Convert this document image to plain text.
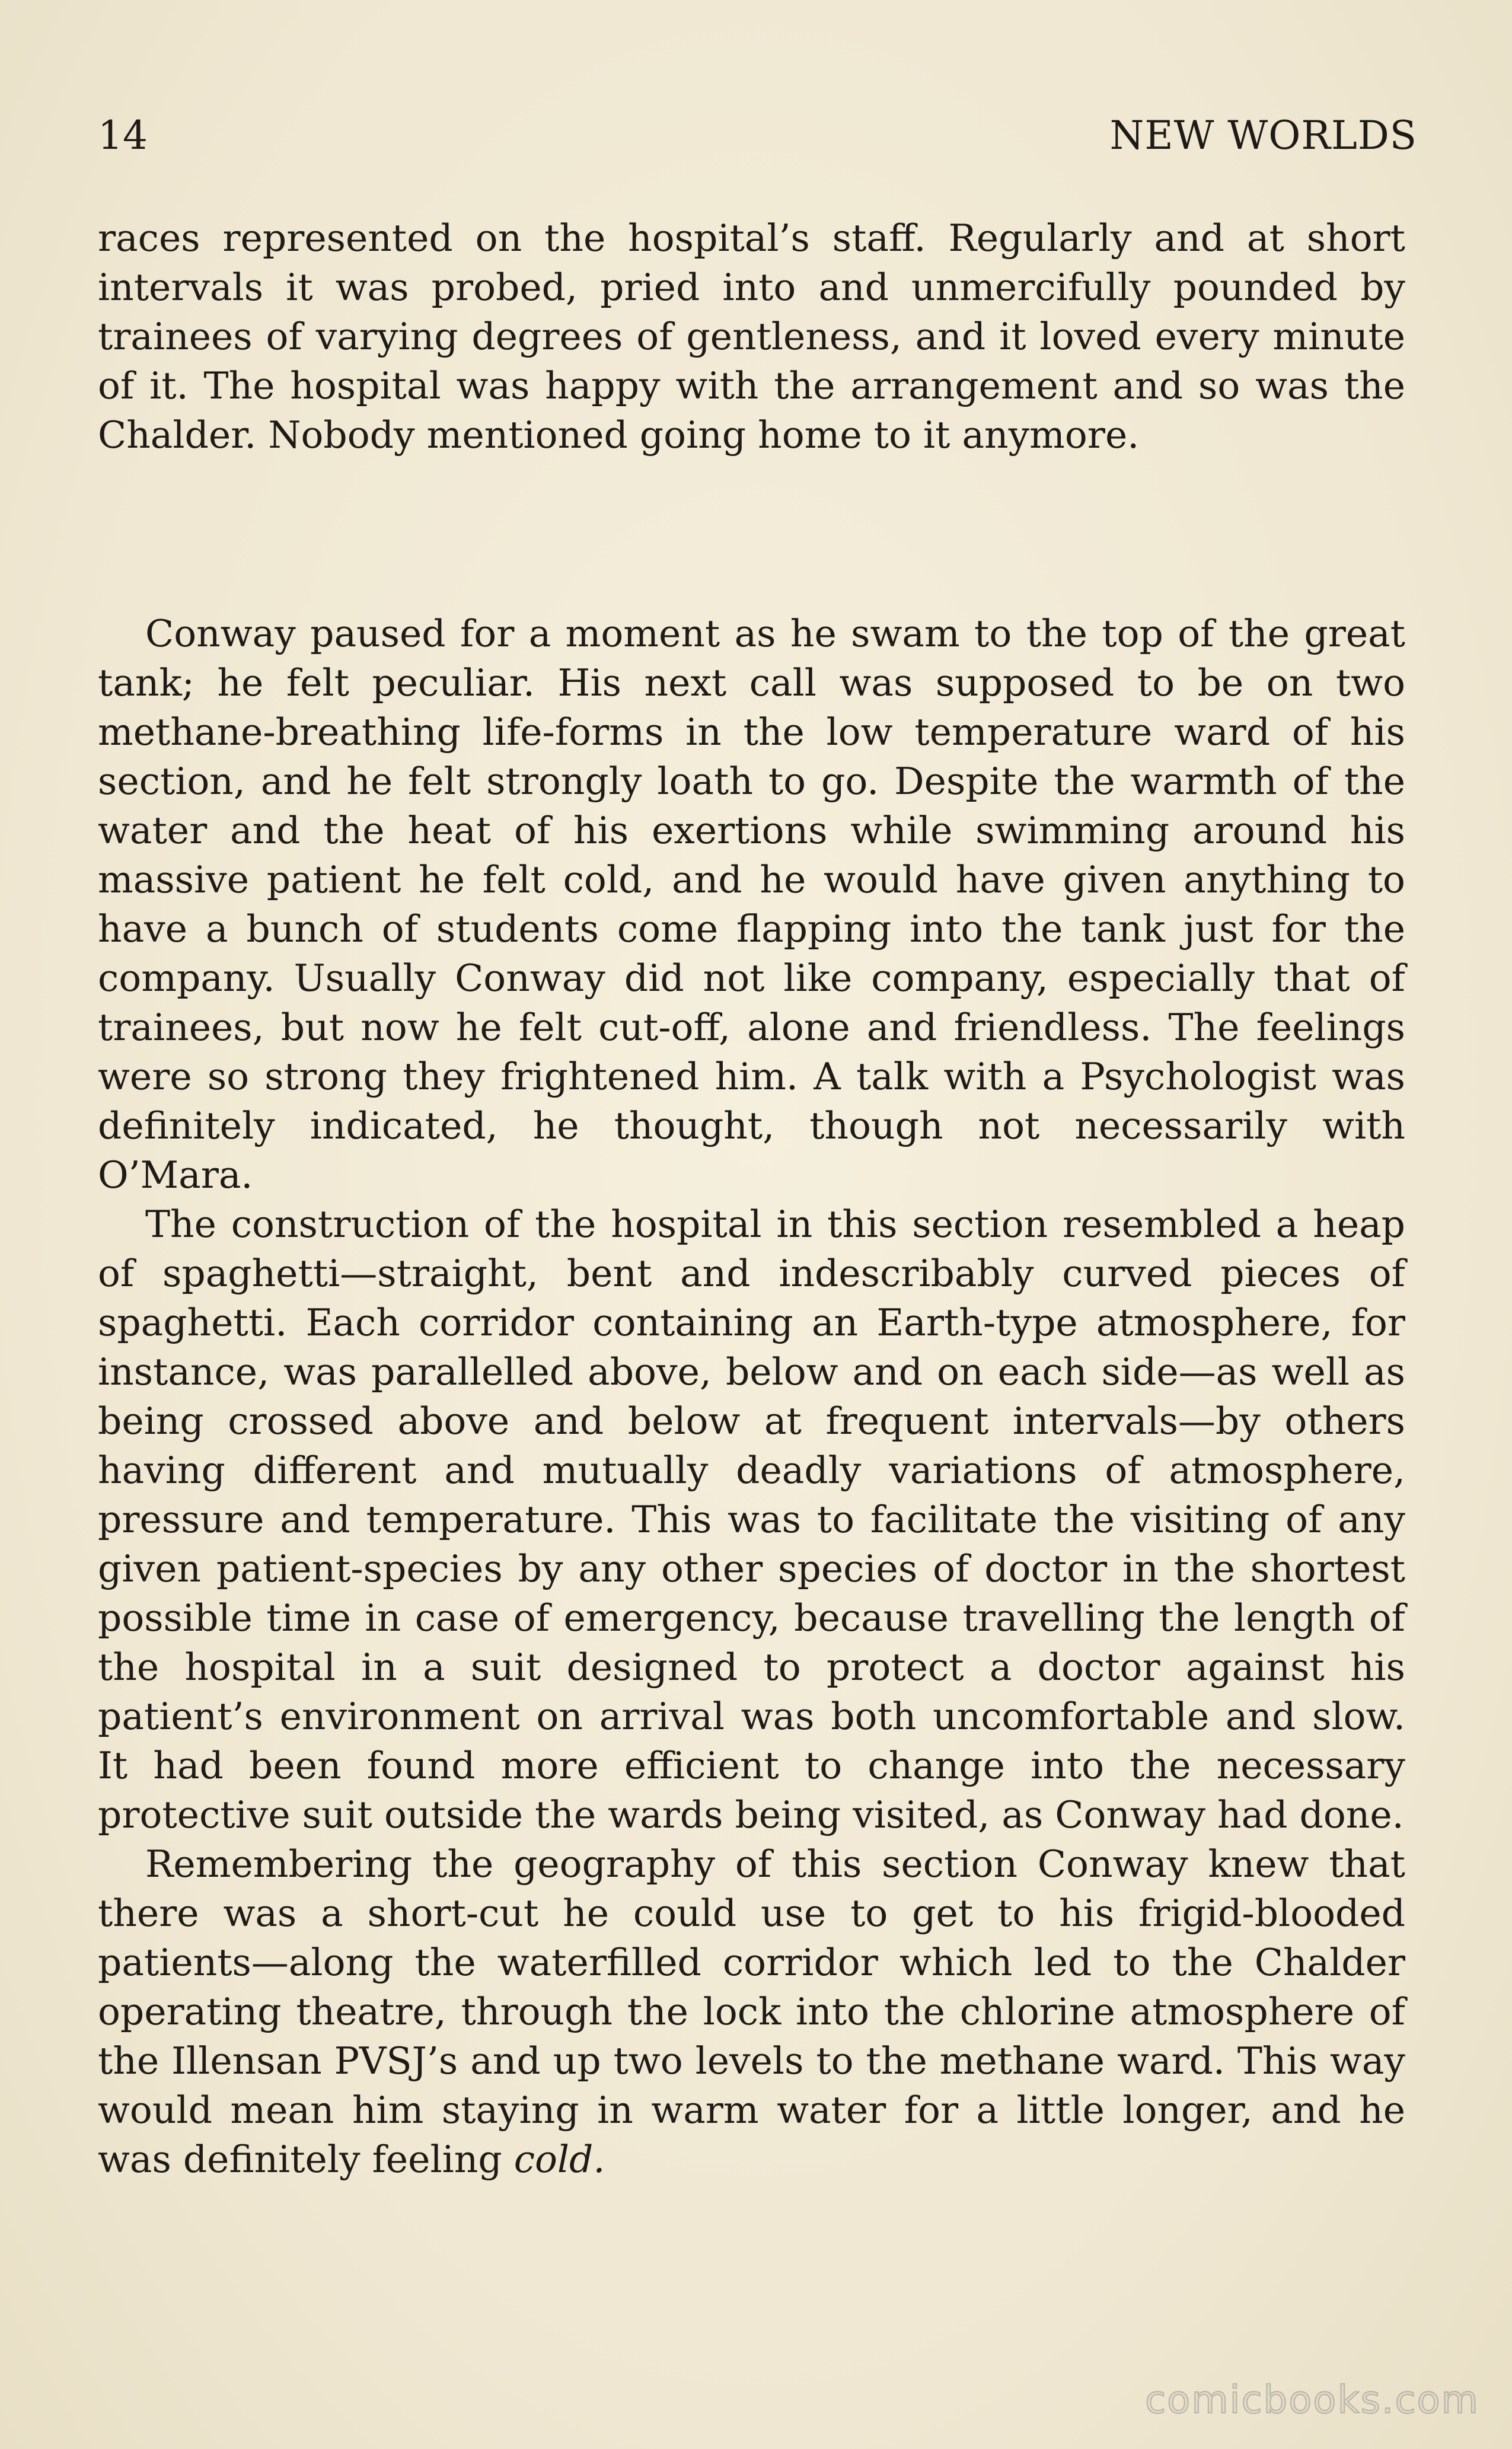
14	NEW WORLDS

races represented on the hospital’s staff. Regularly and at short intervals it was probed, pried into and unmercifully pounded by trainees of varying degrees of gentleness, and it loved every minute of it. The hospital was happy with the arrangement and so was the Chalder. Nobody mentioned going home to it anymore.

Conway paused for a moment as he swam to the top of the great tank; he felt peculiar. His next call was supposed to be on two methane-breathing life-forms in the low temperature ward of his section, and he felt strongly loath to go. Despite the warmth of the water and the heat of his exertions while swimming around his massive patient he felt cold, and he would have given anything to have a bunch of students come flapping into the tank just for the company. Usually Conway did not like company, especially that of trainees, but now he felt cut-off, alone and friendless. The feelings were so strong they frightened him. A talk with a Psychologist was definitely indicated, he thought, though not necessarily with O’Mara.

The construction of the hospital in this section resembled a heap of spaghetti—straight, bent and indescribably curved pieces of spaghetti. Each corridor containing an Earth-type atmosphere, for instance, was parallelled above, below and on each side—as well as being crossed above and below at frequent intervals—by others having different and mutually deadly variations of atmosphere, pressure and temperature. This was to facilitate the visiting of any given patient-species by any other species of doctor in the shortest possible time in case of emergency, because travelling the length of the hospital in a suit designed to protect a doctor against his patient’s environment on arrival was both uncomfortable and slow. It had been found more efficient to change into the necessary protective suit outside the wards being visited, as Conway had done.

Remembering the geography of this section Conway knew that there was a short-cut he could use to get to his frigid-blooded patients—along the waterfilled corridor which led to the Chalder operating theatre, through the lock into the chlorine atmosphere of the Illensan PVSJ’s and up two levels to the methane ward. This way would mean him staying in warm water for a little longer, and he was definitely feeling cold.

comicbooks.com
